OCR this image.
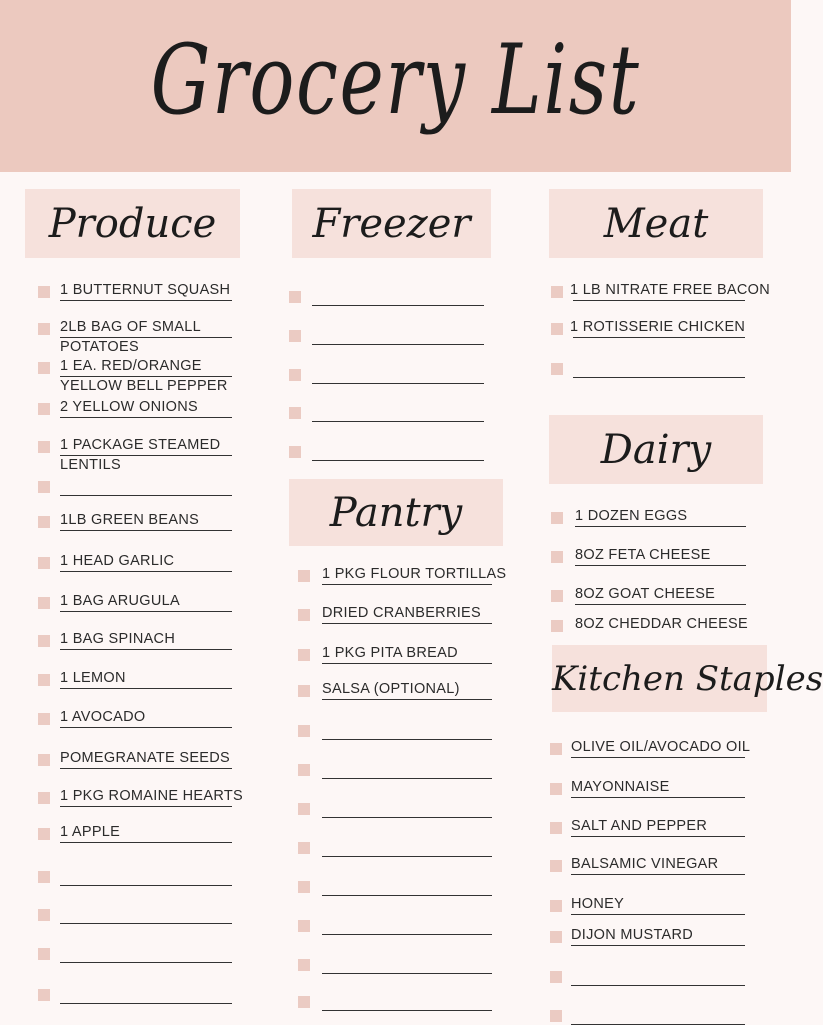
Grocery List
Produce	Freezer
Pantry
Meat
Dairy
Kitchen Staples
1 BUTTERNUT SQUASH
2LB BAG OF SMALL
POTATOES
1 EA. RED/ORANGE
YELLOW BELL PEPPER
2 YELLOW ONIONS
1 PACKAGE STEAMED
LENTILS
1LB GREEN BEANS
1 HEAD GARLIC
1 BAG ARUGULA
1 BAG SPINACH
1 LEMON
1 AVOCADO
POMEGRANATE SEEDS
1 PKG ROMAINE HEARTS
1 APPLE
1 PKG FLOUR TORTILLAS
DRIED CRANBERRIES
1 PKG PITA BREAD
SALSA (OPTIONAL)
1 LB NITRATE FREE BACON
1 ROTISSERIE CHICKEN
1 DOZEN EGGS
8OZ FETA CHEESE
8OZ GOAT CHEESE
8OZ CHEDDAR CHEESE
OLIVE OIL/AVOCADO OIL
MAYONNAISE
SALT AND PEPPER
BALSAMIC VINEGAR
HONEY
DIJON MUSTARD
